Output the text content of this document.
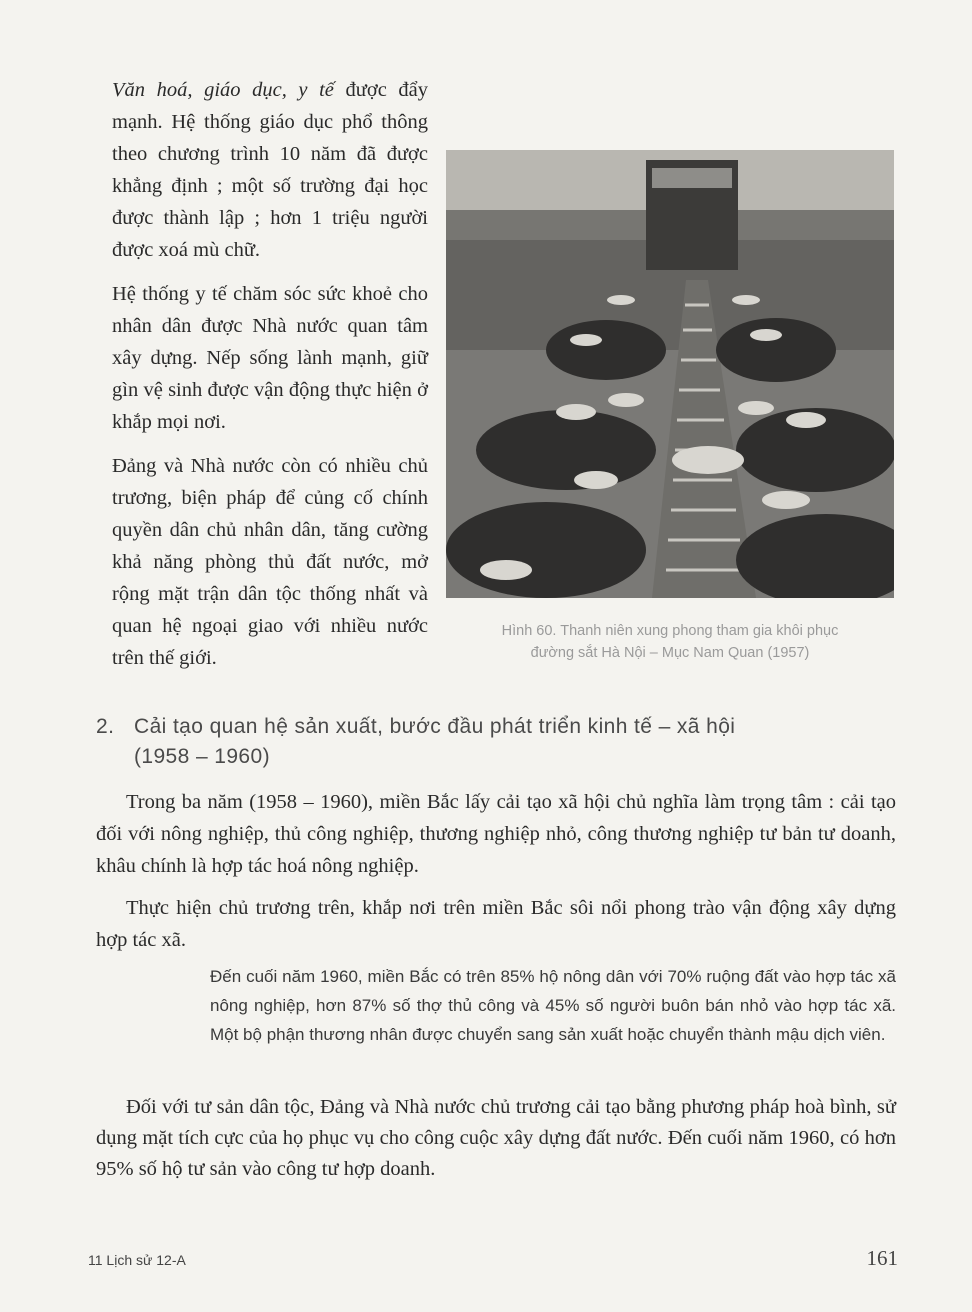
Văn hoá, giáo dục, y tế được đẩy mạnh. Hệ thống giáo dục phổ thông theo chương trình 10 năm đã được khẳng định ; một số trường đại học được thành lập ; hơn 1 triệu người được xoá mù chữ.

Hệ thống y tế chăm sóc sức khoẻ cho nhân dân được Nhà nước quan tâm xây dựng. Nếp sống lành mạnh, giữ gìn vệ sinh được vận động thực hiện ở khắp mọi nơi.

Đảng và Nhà nước còn có nhiều chủ trương, biện pháp để củng cố chính quyền dân chủ nhân dân, tăng cường khả năng phòng thủ đất nước, mở rộng mặt trận dân tộc thống nhất và quan hệ ngoại giao với nhiều nước trên thế giới.

Hình 60. Thanh niên xung phong tham gia khôi phục
đường sắt Hà Nội – Mục Nam Quan (1957)
2. Cải tạo quan hệ sản xuất, bước đầu phát triển kinh tế – xã hội
(1958 – 1960)

Trong ba năm (1958 – 1960), miền Bắc lấy cải tạo xã hội chủ nghĩa làm trọng tâm : cải tạo đối với nông nghiệp, thủ công nghiệp, thương nghiệp nhỏ, công thương nghiệp tư bản tư doanh, khâu chính là hợp tác hoá nông nghiệp.

Thực hiện chủ trương trên, khắp nơi trên miền Bắc sôi nổi phong trào vận động xây dựng hợp tác xã.

Đến cuối năm 1960, miền Bắc có trên 85% hộ nông dân với 70% ruộng đất vào hợp tác xã nông nghiệp, hơn 87% số thợ thủ công và 45% số người buôn bán nhỏ vào hợp tác xã. Một bộ phận thương nhân được chuyển sang sản xuất hoặc chuyển thành mậu dịch viên.

Đối với tư sản dân tộc, Đảng và Nhà nước chủ trương cải tạo bằng phương pháp hoà bình, sử dụng mặt tích cực của họ phục vụ cho công cuộc xây dựng đất nước. Đến cuối năm 1960, có hơn 95% số hộ tư sản vào công tư hợp doanh.

11 Lịch sử 12-A	161
